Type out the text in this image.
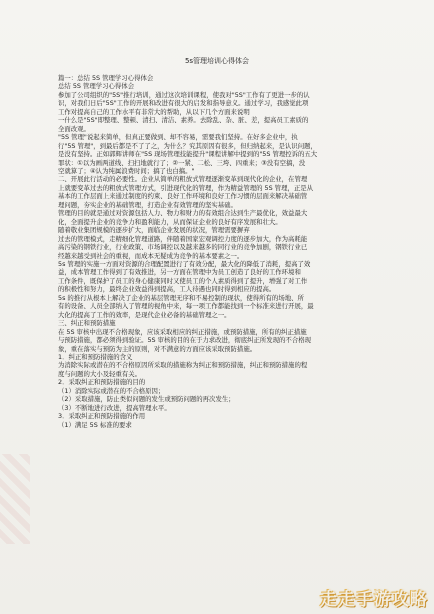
5s管理培训心得体会

篇一：总结 5S 管理学习心得体会

总结 5S 管理学习心得体会

参加了公司组织的"5S"推行培训，通过这次培训课程，使我对"5S"工作有了更进一步的认

识，对我们日后"5S"工作的开展和改进有很大的启发和指导意义。通过学习，我感觉此项

工作对提高自己的工作水平有非常大的帮助，从以下几个方面来说明

一什么是"5S"即整理、整顿、清扫、清洁、素养。去除乱、杂、脏、差，提高员工素质的

全面改观。

"5S 管理"说起来简单，但真正要做到、却不容易，需要我们坚持。在好多企业中，执

行"5S 管理"，到最后都是不了了之，为什么？究其原因有很多，但归纳起来，是认识问题，

是没有坚持。正如郭辉讲师在"5S 现场管理技能提升"课程讲解中提到的"5S 管理控诉的五大

罪状：①以为画两道线、扫扫地就行了；②一紧、二松、三垮、四重来；③没有空搞，没

空就算了；④认为纯属浪费时间；搞了也白搞。"

二、开展此行活动的必要性。企业从简单的粗放式管理逐渐变革到现代化的企业，在管理

上就要变革过去的粗放式管理方式，引进现代化的管理，作为精益管理的 5S 管理，正是从

基本的工作层面上来通过制度的约束、良好工作环境和良好工作习惯的层面来解决基础管

理问题，夯实企业的基础管理，打造企业有效管理的坚实基础。

管理的目的就是通过对资源包括人力、物力和财力的有效组合达到生产最优化，效益最大

化，全面提升企业的竞争力和盈利能力，从而保证企业的良好有序发展和壮大。

随着敬业集团规模的逐步扩大，面临企业发展的状况，管理需要摒弃

过去的管理模式，走精细化管理道路，伴随着国家宏观调控力度的逐步加大，作为高耗能

高污染的钢铁行业，行业政策、市场调控以及越来越多的同行业的竞争加剧，钢铁行业已

经越来越受到社会的重视，而成本无疑成为竞争的基本要素之一。

5s 管理的实施一方面对资源的合理配置进行了有效分配，最大化的降低了消耗，提高了效

益，成本管理工作得到了有效推进，另一方面在管理中为员工创造了良好的工作环境和

工作条件，既保护了员工的身心健康同时又使员工的个人素质得到了提升，增强了对工作

的积极性和努力，最终企业效益得到提高，工人待遇也同时得到相应的提高。

5s 的推行从根本上解决了企业的基层管理无序和不易控制的现状，使得所有的场地、所

有的设备、人员全部纳入了管理的视角中来，每一项工作都能找到一个标准来进行开展，最

大化的提高了工作的效率，是现代企业必备的基础管理之一。

三、纠正和预防措施

在 5S 审核中出现不合格现象，应该采取相应的纠正措施，或预防措施，所有的纠正措施

与预防措施，都必须得到验证。5S 审核的目的在于力求改进，彻底纠正所发现的不合格现

象，重在落实与预防为主的原则，对不满意的方面应该采取预防措施。

1．纠正和预防措施的含义

为消除实际或潜在的不合格原因所采取的措施称为纠正和预防措施，纠正和预防措施的程

度与问题的大小及轻重有关。

2．采取纠正和预防措施的目的

（1）消除实际或潜在的不合格原因；

（2）采取措施，防止类似问题的发生或预防问题的再次发生；

（3）不断地进行改进，提高管理水平。

3．采取纠正和预防措施的作用

（1）满足 5S 标准的要求

走走手游攻略
